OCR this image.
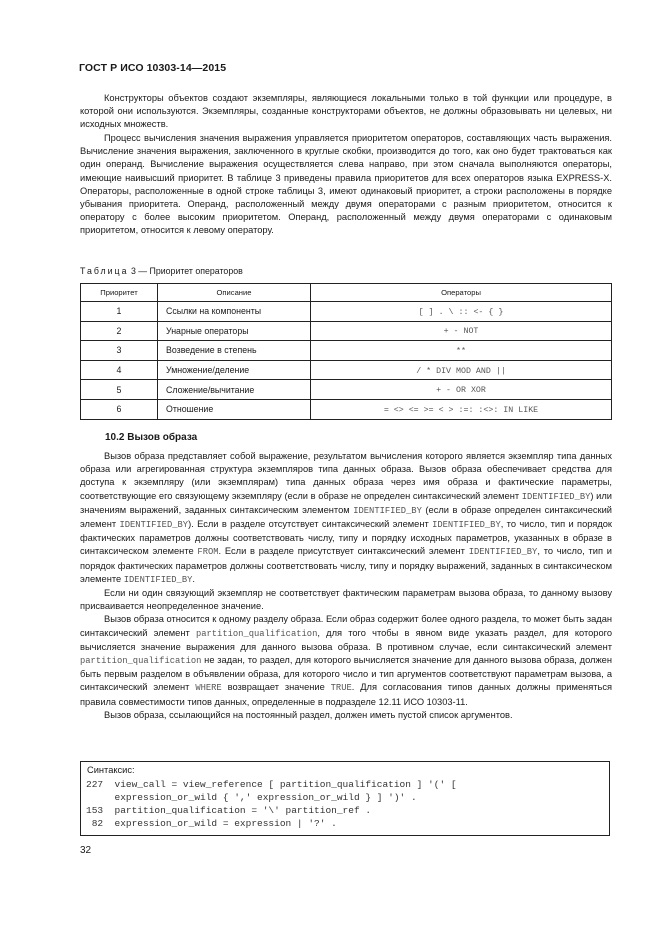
ГОСТ Р ИСО 10303-14—2015

Конструкторы объектов создают экземпляры, являющиеся локальными только в той функции или процедуре, в которой они используются. Экземпляры, созданные конструкторами объектов, не должны образовывать ни целевых, ни исходных множеств.

Процесс вычисления значения выражения управляется приоритетом операторов, составляющих часть выражения. Вычисление значения выражения, заключенного в круглые скобки, производится до того, как оно будет трактоваться как один операнд. Вычисление выражения осуществляется слева направо, при этом сначала выполняются операторы, имеющие наивысший приоритет. В таблице 3 приведены правила приоритетов для всех операторов языка EXPRESS-X. Операторы, расположенные в одной строке таблицы 3, имеют одинаковый приоритет, а строки расположены в порядке убывания приоритета. Операнд, расположенный между двумя операторами с разным приоритетом, относится к оператору с более высоким приоритетом. Операнд, расположенный между двумя операторами с одинаковым приоритетом, относится к левому оператору.

Таблица 3 — Приоритет операторов
Приоритет	Описание	Операторы
1	Ссылки на компоненты	[ ] . \ :: <- { }
2	Унарные операторы	+ - NOT
3	Возведение в степень	**
4	Умножение/деление	/ * DIV MOD AND ||
5	Сложение/вычитание	+ - OR XOR
6	Отношение	= <> <= >= < > :=: :<>: IN LIKE
10.2 Вызов образа

Вызов образа представляет собой выражение, результатом вычисления которого является экземпляр типа данных образа или агрегированная структура экземпляров типа данных образа. Вызов образа обеспечивает средства для доступа к экземпляру (или экземплярам) типа данных образа через имя образа и фактические параметры, соответствующие его связующему экземпляру (если в образе не определен синтаксический элемент IDENTIFIED_BY) или значениям выражений, заданных синтаксическим элементом IDENTIFIED_BY (если в образе определен синтаксический элемент IDENTIFIED_BY). Если в разделе отсутствует синтаксический элемент IDENTIFIED_BY, то число, тип и порядок фактических параметров должны соответствовать числу, типу и порядку исходных параметров, указанных в образе в синтаксическом элементе FROM. Если в разделе присутствует синтаксический элемент IDENTIFIED_BY, то число, тип и порядок фактических параметров должны соответствовать числу, типу и порядку выражений, заданных в синтаксическом элементе IDENTIFIED_BY.

Если ни один связующий экземпляр не соответствует фактическим параметрам вызова образа, то данному вызову присваивается неопределенное значение.

Вызов образа относится к одному разделу образа. Если образ содержит более одного раздела, то может быть задан синтаксический элемент partition_qualification, для того чтобы в явном виде указать раздел, для которого вычисляется значение выражения для данного вызова образа. В противном случае, если синтаксический элемент partition_qualification не задан, то раздел, для которого вычисляется значение для данного вызова образа, должен быть первым разделом в объявлении образа, для которого число и тип аргументов соответствуют параметрам вызова, а синтаксический элемент WHERE возвращает значение TRUE. Для согласования типов данных должны применяться правила совместимости типов данных, определенные в подразделе 12.11 ИСО 10303-11.

Вызов образа, ссылающийся на постоянный раздел, должен иметь пустой список аргументов.

Синтаксис:
227  view_call = view_reference [ partition_qualification ] '(' [
expression_or_wild { ',' expression_or_wild } ] ')' .
153  partition_qualification = '\' partition_ref .
82  expression_or_wild = expression | '?' .
32
